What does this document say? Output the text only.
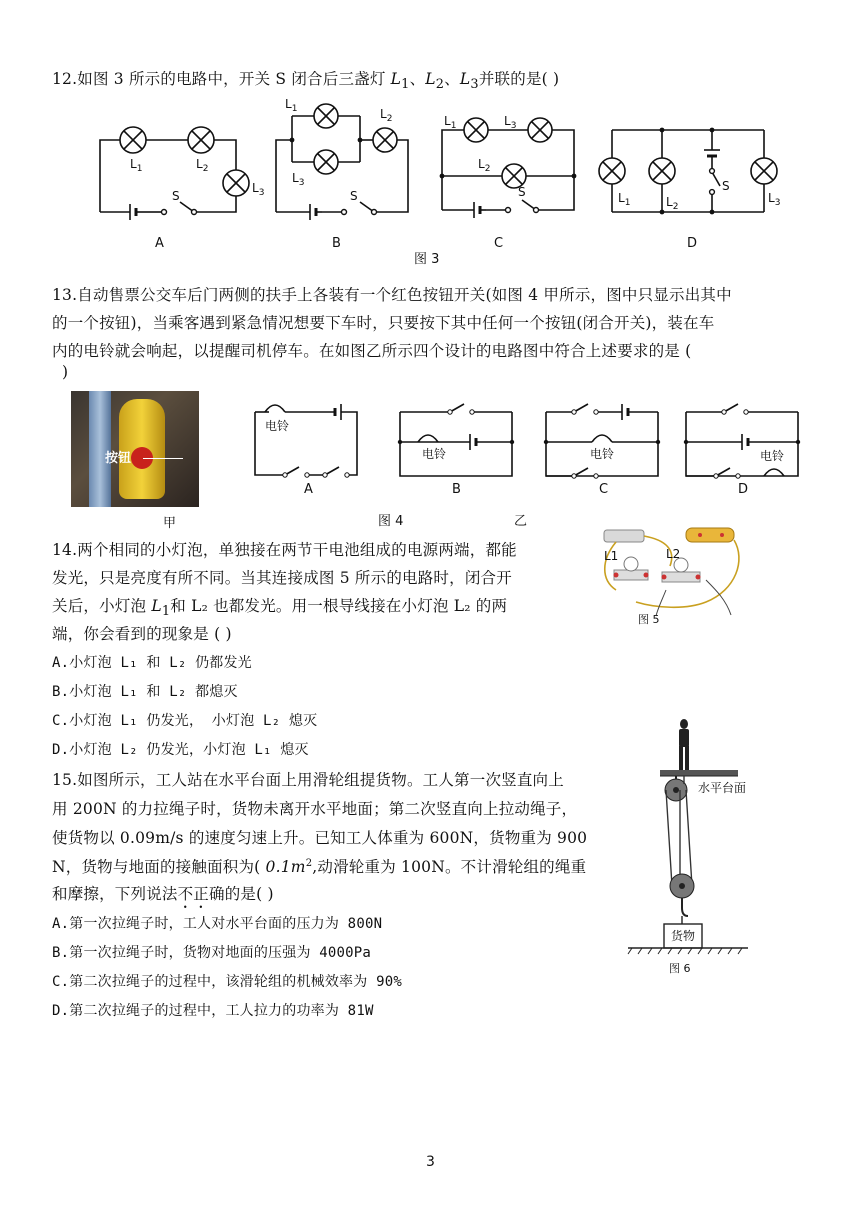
12.如图 3 所示的电路中，开关 S 闭合后三盏灯 $L_1$、$L_2$、$L_3$并联的是( )
$L_1$	$L_2$
$L_3$
S
A
$L_1$	$L_2$
$L_3$
S
B
$L_1$	$L_3$
$L_2$
S
C
$L_1$	$L_2$
S
$L_3$
D
图 3
13.自动售票公交车后门两侧的扶手上各装有一个红色按钮开关(如图 4 甲所示，图中只显示出其中
的一个按钮)，当乘客遇到紧急情况想要下车时，只要按下其中任何一个按钮(闭合开关)，装在车
内的电铃就会响起，以提醒司机停车。在如图乙所示四个设计的电路图中符合上述要求的是 (
)
按钮
甲
电铃
A
电铃
B
电铃
C
电铃
D
图 4	乙
14.两个相同的小灯泡，单独接在两节干电池组成的电源两端，都能
发光，只是亮度有所不同。当其连接成图 5 所示的电路时，闭合开
关后，小灯泡 $L_1$和 L₂ 也都发光。用一根导线接在小灯泡 L₂ 的两
端，你会看到的现象是 ( )
A.小灯泡 L₁ 和 L₂ 仍都发光
B.小灯泡 L₁ 和 L₂ 都熄灭
C.小灯泡 L₁ 仍发光， 小灯泡 L₂ 熄灭
D.小灯泡 L₂ 仍发光，小灯泡 L₁ 熄灭
L1	L2
图 5
15.如图所示，工人站在水平台面上用滑轮组提货物。工人第一次竖直向上
用 200N 的力拉绳子时，货物未离开水平地面；第二次竖直向上拉动绳子，
使货物以 0.09m/s 的速度匀速上升。已知工人体重为 600N，货物重为 900
N，货物与地面的接触面积为( $0.1m^2$,动滑轮重为 100N。不计滑轮组的绳重
和摩擦，下列说法不正确的是( )
A.第一次拉绳子时，工人对水平台面的压力为 800N
B.第一次拉绳子时，货物对地面的压强为 4000Pa
C.第二次拉绳子的过程中，该滑轮组的机械效率为 90%
D.第二次拉绳子的过程中，工人拉力的功率为 81W
水平台面
货物
图 6
3
